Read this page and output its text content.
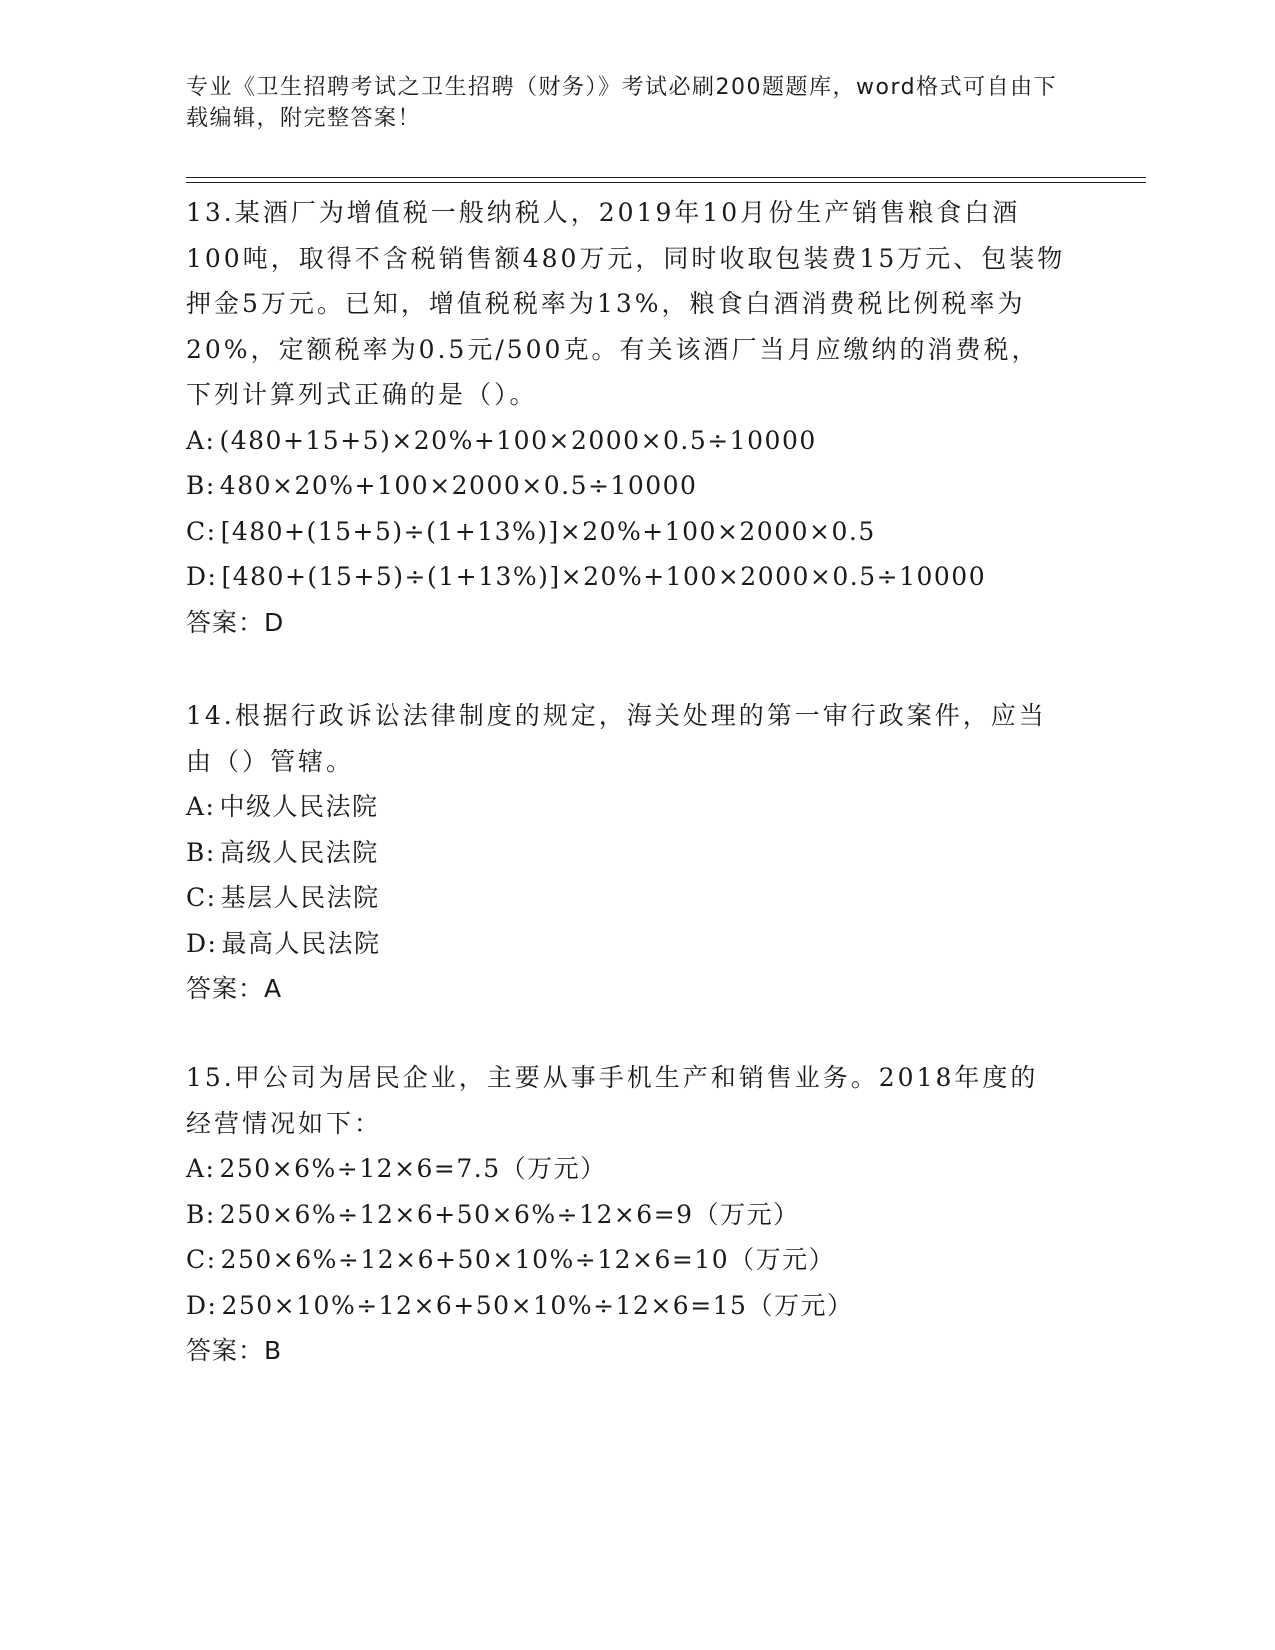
专业《卫生招聘考试之卫生招聘（财务）》考试必刷200题题库，word格式可自由下载编辑，附完整答案！

13.某酒厂为增值税一般纳税人，2019年10月份生产销售粮食白酒100吨，取得不含税销售额480万元，同时收取包装费15万元、包装物押金5万元。已知，增值税税率为13%，粮食白酒消费税比例税率为20%，定额税率为0.5元/500克。有关该酒厂当月应缴纳的消费税，下列计算列式正确的是（）。

A: (480+15+5)×20%+100×2000×0.5÷10000
B: 480×20%+100×2000×0.5÷10000
C: [480+(15+5)÷(1+13%)]×20%+100×2000×0.5
D: [480+(15+5)÷(1+13%)]×20%+100×2000×0.5÷10000

答案：D

14.根据行政诉讼法律制度的规定，海关处理的第一审行政案件，应当由（）管辖。

A: 中级人民法院
B: 高级人民法院
C: 基层人民法院
D: 最高人民法院

答案：A

15.甲公司为居民企业，主要从事手机生产和销售业务。2018年度的经营情况如下：

A: 250×6%÷12×6=7.5（万元）
B: 250×6%÷12×6+50×6%÷12×6=9（万元）
C: 250×6%÷12×6+50×10%÷12×6=10（万元）
D: 250×10%÷12×6+50×10%÷12×6=15（万元）

答案：B
